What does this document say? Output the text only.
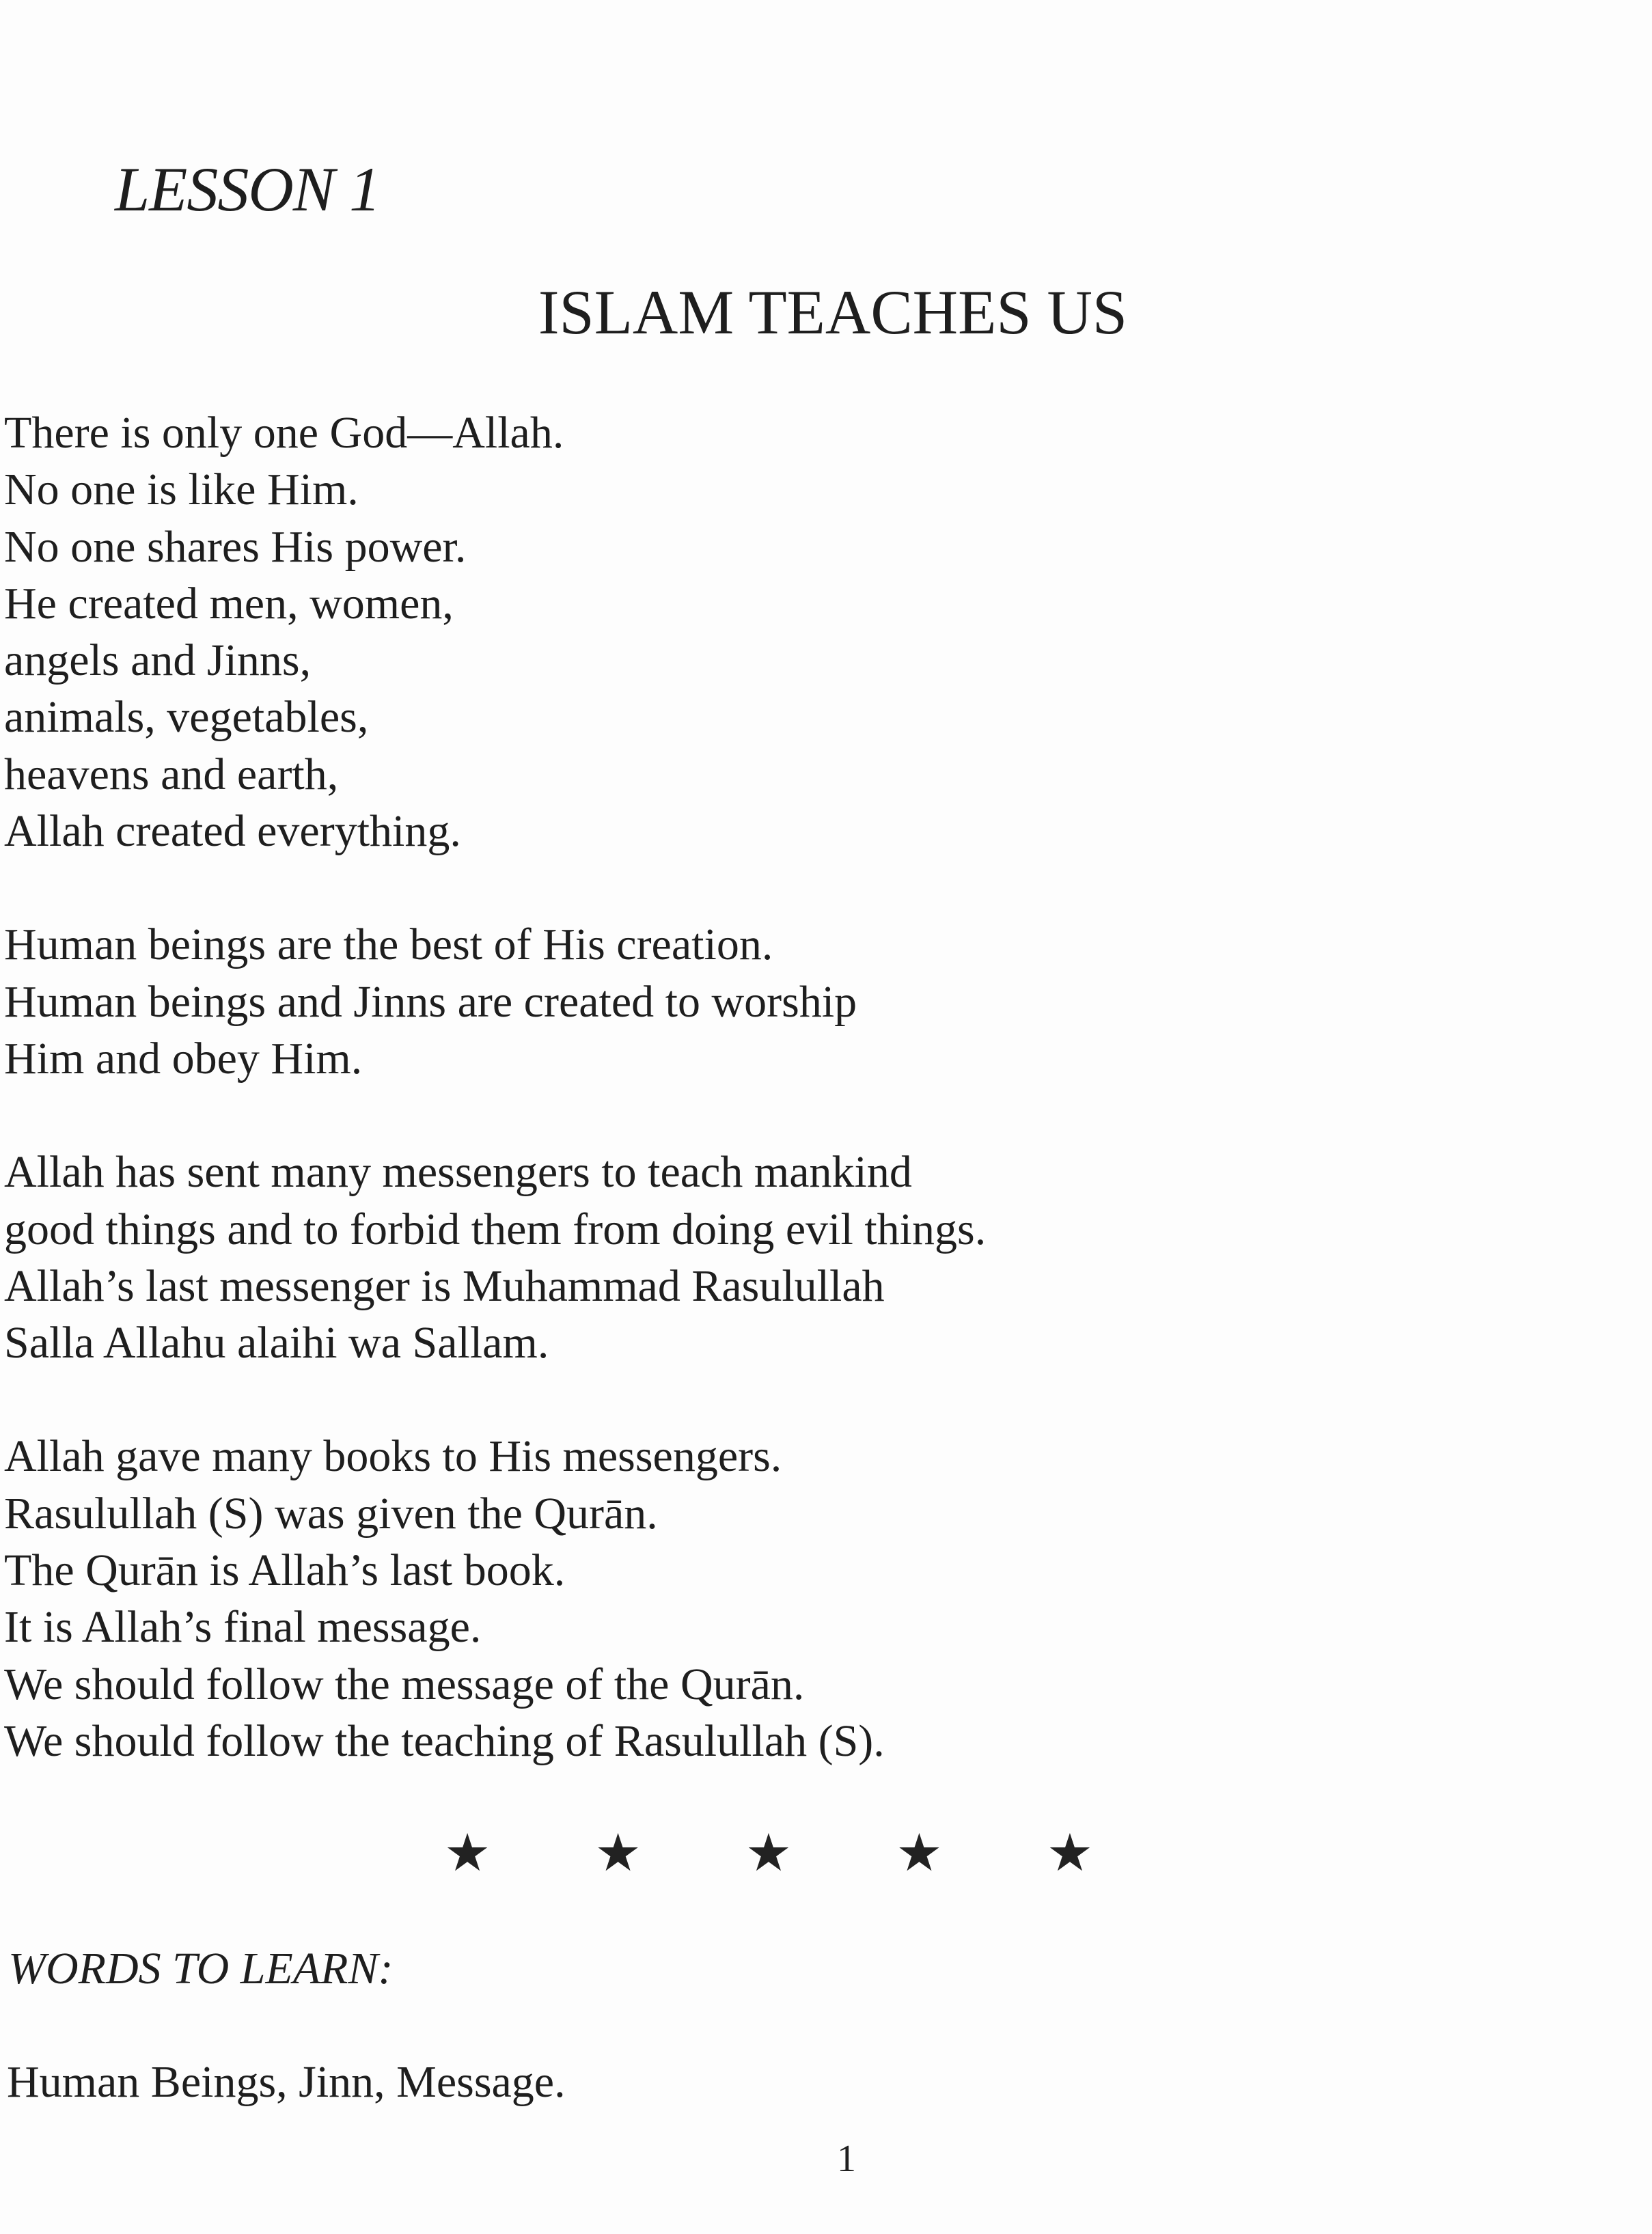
LESSON 1
ISLAM TEACHES US

There is only one God—Allah.
No one is like Him.
No one shares His power.
He created men, women,
angels and Jinns,
animals, vegetables,
heavens and earth,
Allah created everything.

Human beings are the best of His creation.
Human beings and Jinns are created to worship
Him and obey Him.

Allah has sent many messengers to teach mankind
good things and to forbid them from doing evil things.
Allah’s last messenger is Muhammad Rasulullah
Salla Allahu alaihi wa Sallam.

Allah gave many books to His messengers.
Rasulullah (S) was given the Qurān.
The Qurān is Allah’s last book.
It is Allah’s final message.
We should follow the message of the Qurān.
We should follow the teaching of Rasulullah (S).

★ ★ ★ ★ ★
WORDS TO LEARN:

Human Beings, Jinn, Message.

1
